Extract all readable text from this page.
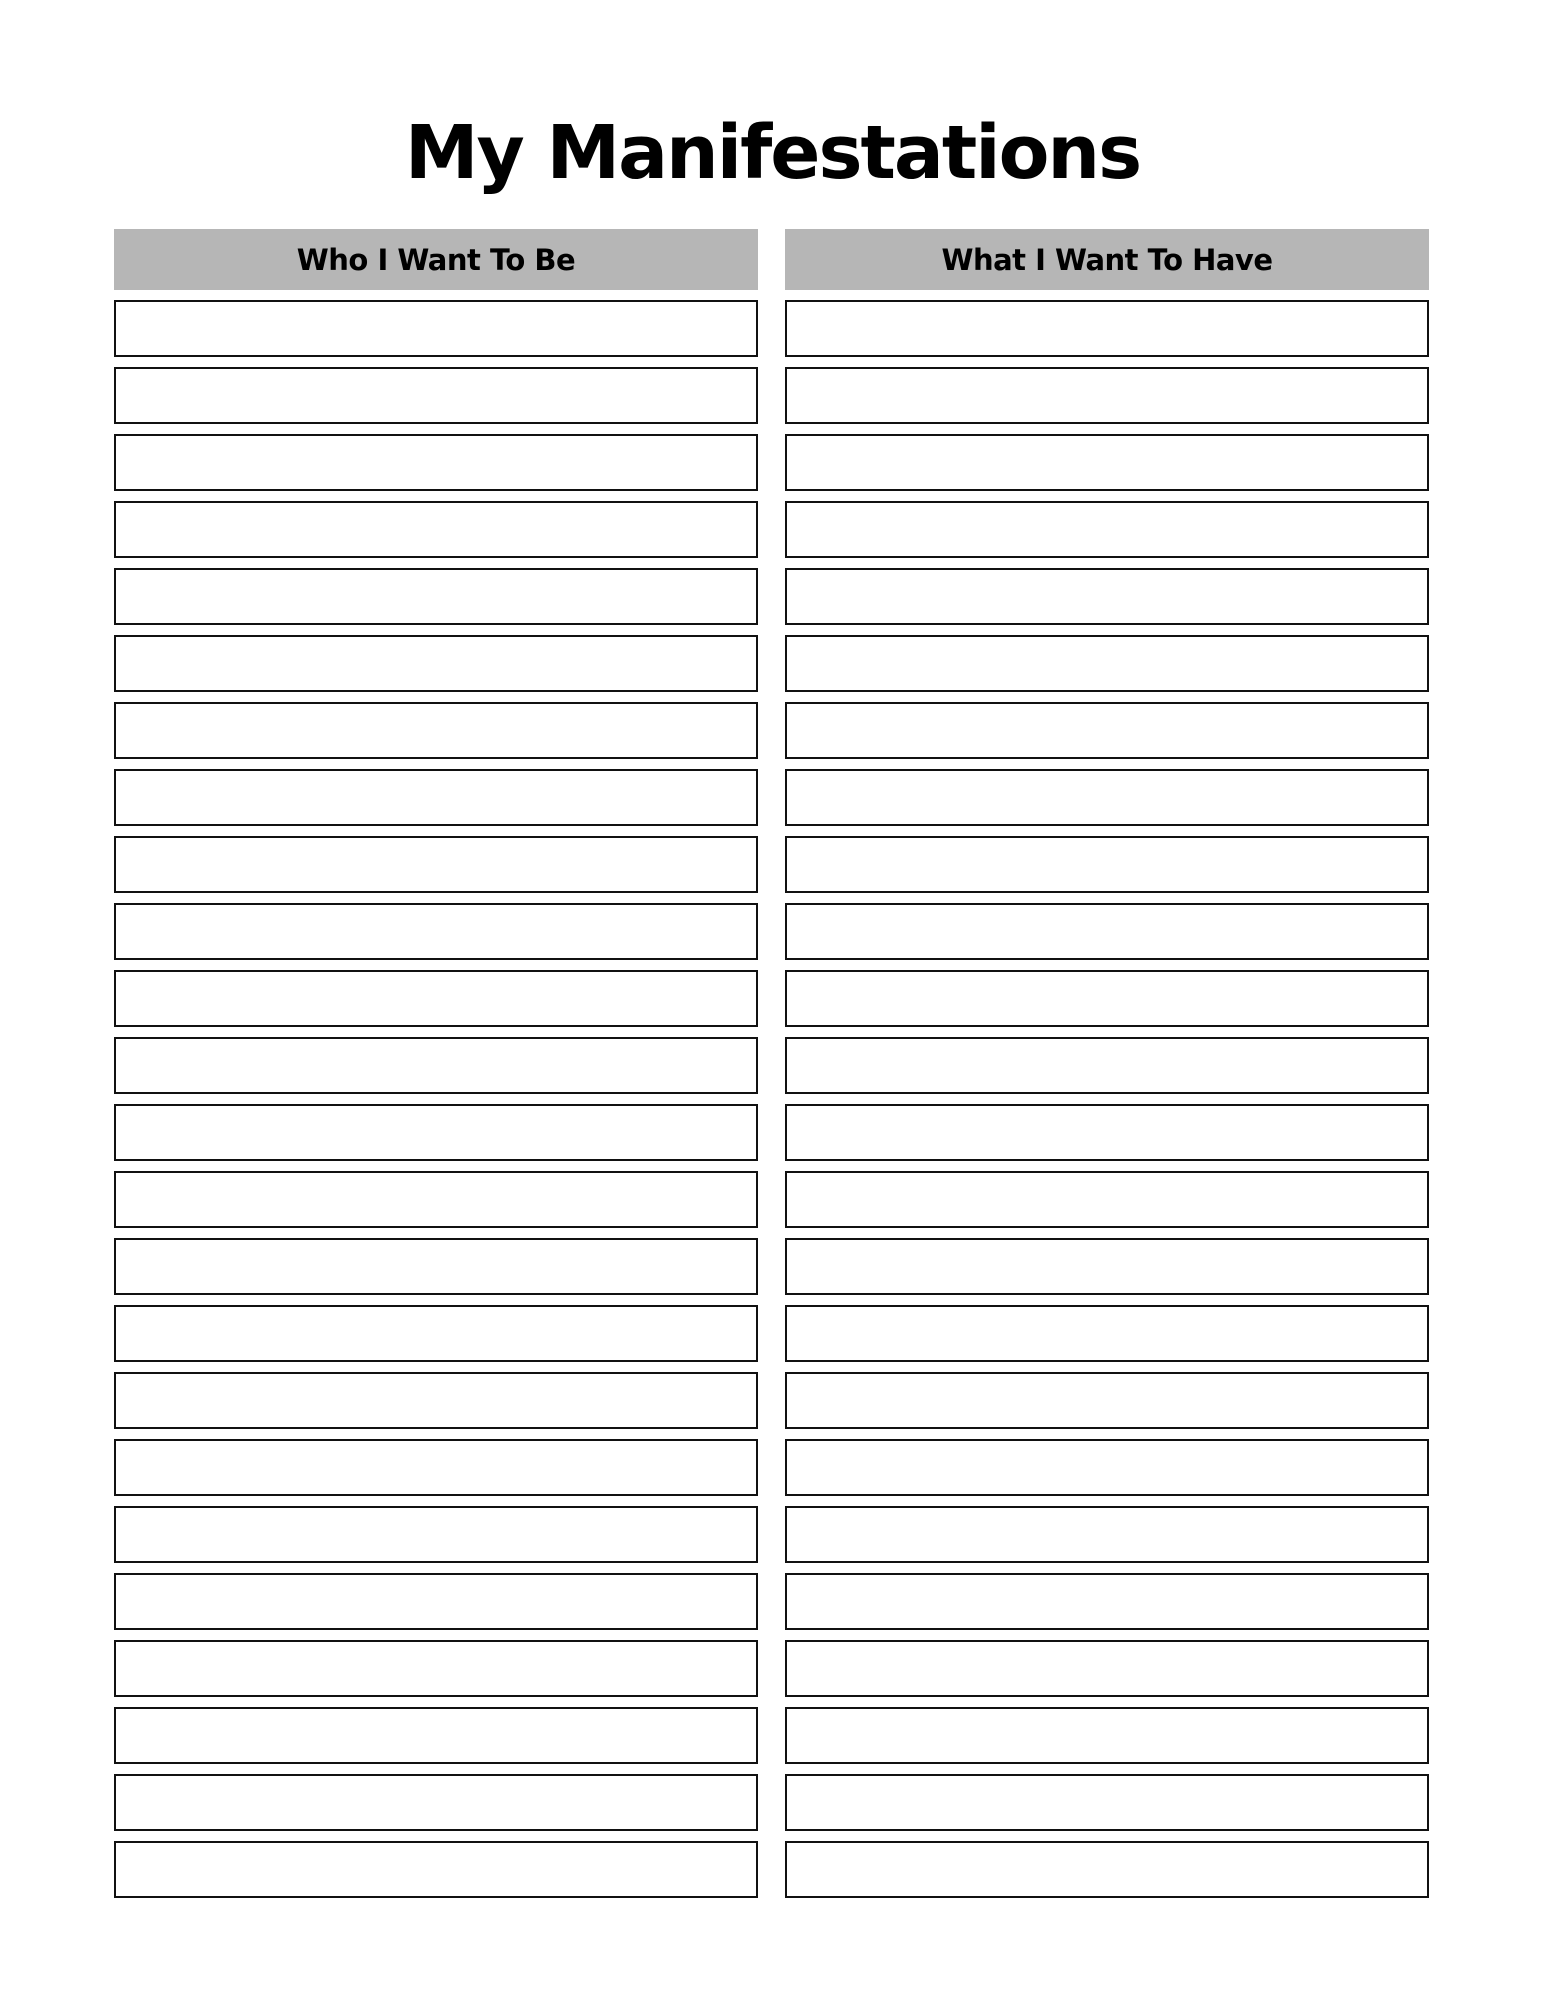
My Manifestations
Who I Want To Be	What I Want To Have
